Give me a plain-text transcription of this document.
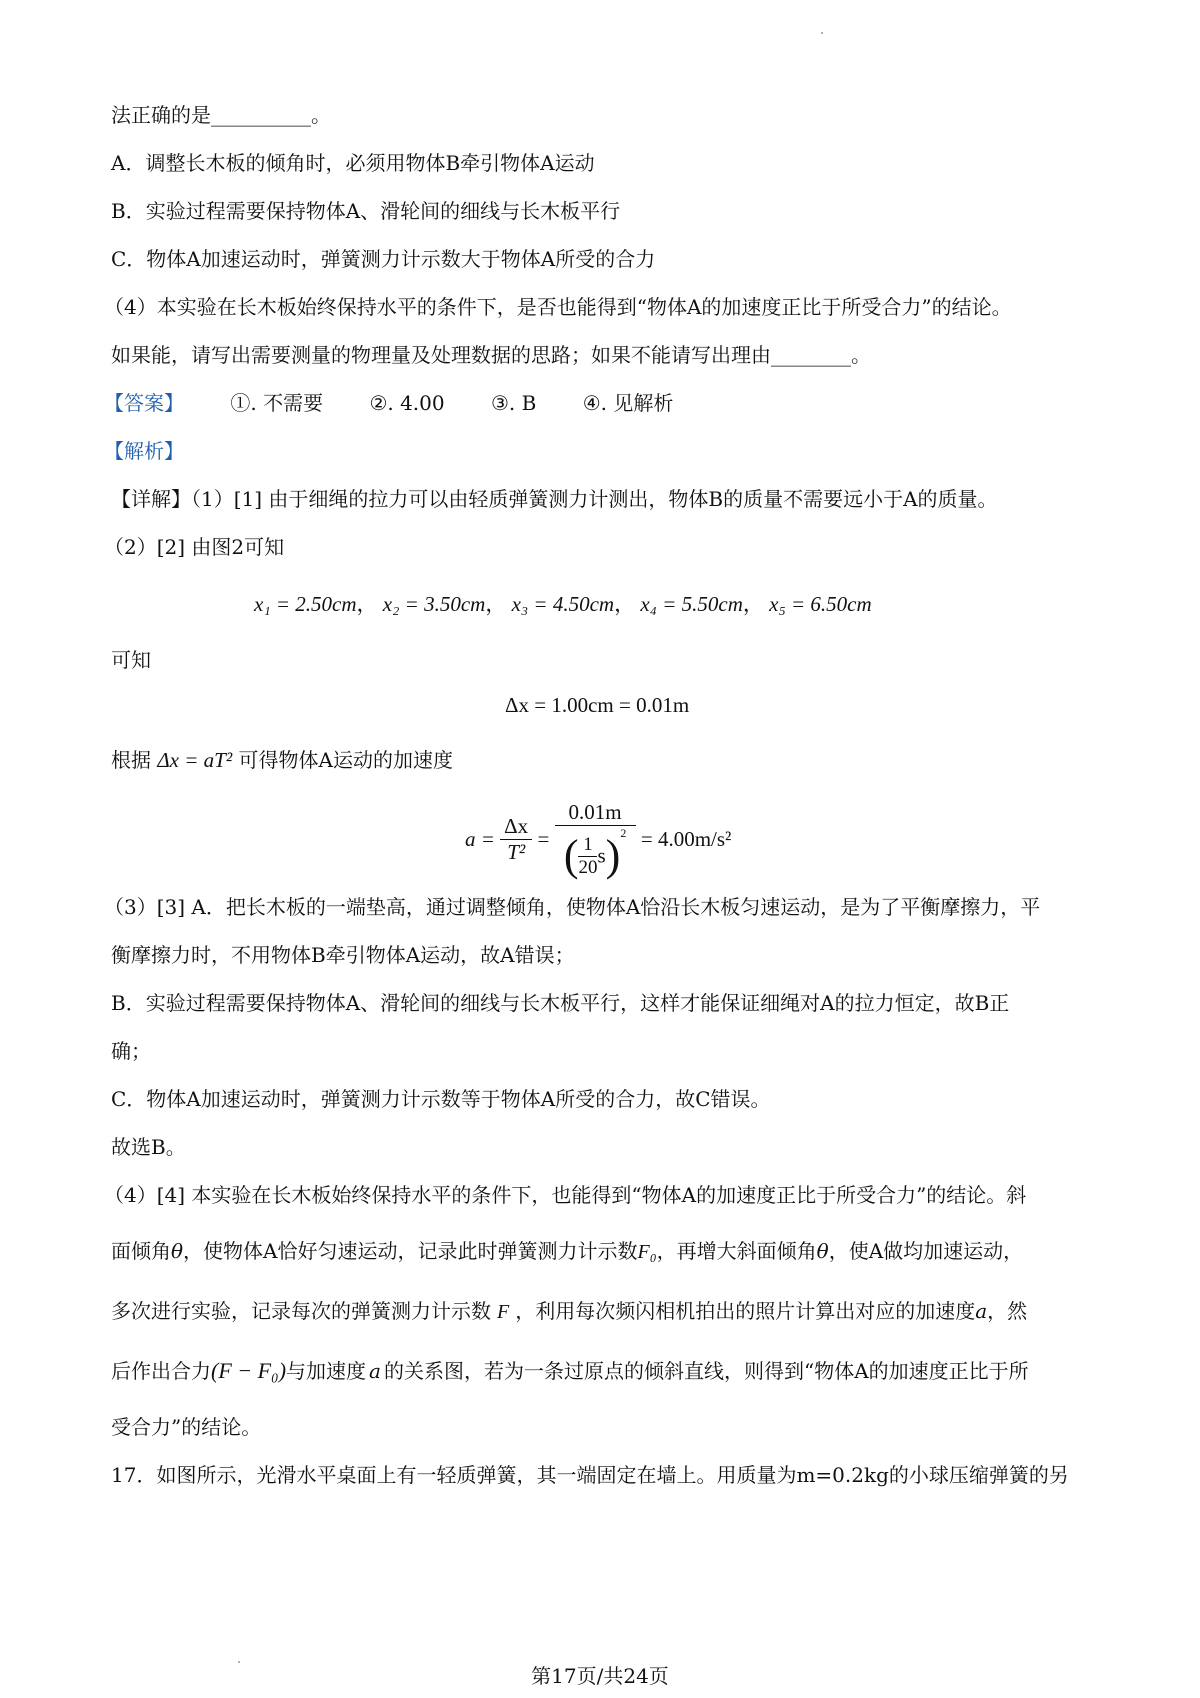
法正确的是__________。
A．调整长木板的倾角时，必须用物体B牵引物体A运动
B．实验过程需要保持物体A、滑轮间的细线与长木板平行
C．物体A加速运动时，弹簧测力计示数大于物体A所受的合力
（4）本实验在长木板始终保持水平的条件下，是否也能得到“物体A的加速度正比于所受合力”的结论。
如果能，请写出需要测量的物理量及处理数据的思路；如果不能请写出理由________。
【答案】 ①. 不需要 ②. 4.00 ③. B ④. 见解析
【解析】
【详解】（1）[1] 由于细绳的拉力可以由轻质弹簧测力计测出，物体B的质量不需要远小于A的质量。
（2）[2] 由图2可知
x₁ = 2.50cm， x₂ = 3.50cm， x₃ = 4.50cm， x₄ = 5.50cm， x₅ = 6.50cm
可知
Δx = 1.00cm = 0.01m
根据 Δx = aT² 可得物体A运动的加速度
$a = \frac{\Delta x}{\text{T²}} = \frac{0.01m}{( \frac{1}{20} s)^2} = 4.00m/s^2$
（3）[3] A．把长木板的一端垫高，通过调整倾角，使物体A恰沿长木板匀速运动，是为了平衡摩擦力，平
衡摩擦力时，不用物体B牵引物体A运动，故A错误；
B．实验过程需要保持物体A、滑轮间的细线与长木板平行，这样才能保证细绳对A的拉力恒定，故B正
确；
C．物体A加速运动时，弹簧测力计示数等于物体A所受的合力，故C错误。
故选B。
（4）[4] 本实验在长木板始终保持水平的条件下，也能得到“物体A的加速度正比于所受合力”的结论。斜
面倾角θ，使物体A恰好匀速运动，记录此时弹簧测力计示数F₀，再增大斜面倾角θ，使A做均加速运动，
多次进行实验，记录每次的弹簧测力计示数 F ，利用每次频闪相机拍出的照片计算出对应的加速度a，然
后作出合力(F − F₀)与加速度 a 的关系图，若为一条过原点的倾斜直线，则得到“物体A的加速度正比于所
受合力”的结论。
17．如图所示，光滑水平桌面上有一轻质弹簧，其一端固定在墙上。用质量为m=0.2kg的小球压缩弹簧的另
第17页/共24页
